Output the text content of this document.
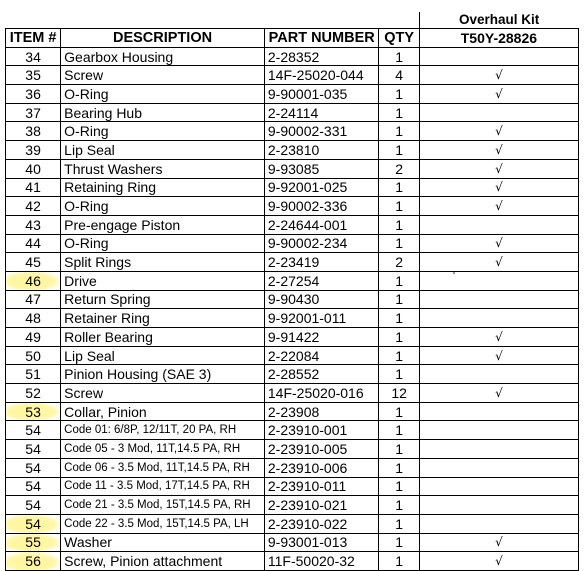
				Overhaul Kit
ITEM #	DESCRIPTION	PART NUMBER	QTY	T50Y-28826
34	Gearbox Housing	2-28352	1	
35	Screw	14F-25020-044	4	√
36	O-Ring	9-90001-035	1	√
37	Bearing Hub	2-24114	1	
38	O-Ring	9-90002-331	1	√
39	Lip Seal	2-23810	1	√
40	Thrust Washers	9-93085	2	√
41	Retaining Ring	9-92001-025	1	√
42	O-Ring	9-90002-336	1	√
43	Pre-engage Piston	2-24644-001	1	
44	O-Ring	9-90002-234	1	√
45	Split Rings	2-23419	2	√
46	Drive	2-27254	1	
47	Return Spring	9-90430	1	
48	Retainer Ring	9-92001-011	1	
49	Roller Bearing	9-91422	1	√
50	Lip Seal	2-22084	1	√
51	Pinion Housing (SAE 3)	2-28552	1	
52	Screw	14F-25020-016	12	√
53	Collar, Pinion	2-23908	1	
54	Code 01: 6/8P, 12/11T, 20 PA, RH	2-23910-001	1	
54	Code 05 - 3 Mod, 11T,14.5 PA, RH	2-23910-005	1	
54	Code 06 - 3.5 Mod, 11T,14.5 PA, RH	2-23910-006	1	
54	Code 11 - 3.5 Mod, 17T,14.5 PA, RH	2-23910-011	1	
54	Code 21 - 3.5 Mod, 15T,14.5 PA, RH	2-23910-021	1	
54	Code 22 - 3.5 Mod, 15T,14.5 PA, LH	2-23910-022	1	
55	Washer	9-93001-013	1	√
56	Screw, Pinion attachment	11F-50020-32	1	√
